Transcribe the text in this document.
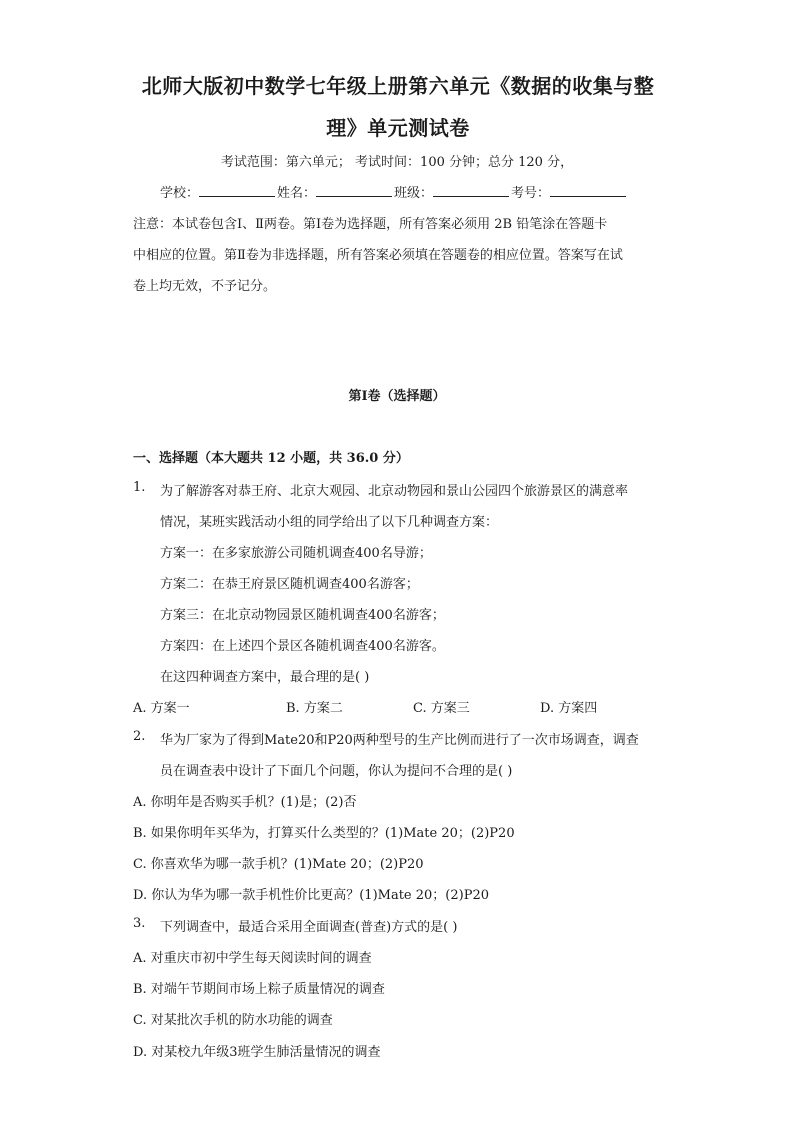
北师大版初中数学七年级上册第六单元《数据的收集与整
理》单元测试卷
考试范围：第六单元； 考试时间：100 分钟；总分 120 分，
学校：	姓名：	班级：	考号：
注意：本试卷包含Ⅰ、Ⅱ两卷。第Ⅰ卷为选择题，所有答案必须用 2B 铅笔涂在答题卡
中相应的位置。第Ⅱ卷为非选择题，所有答案必须填在答题卷的相应位置。答案写在试
卷上均无效，不予记分。
第Ⅰ卷（选择题）
一、选择题（本大题共 12 小题，共 36.0 分）
1. 为了解游客对恭王府、北京大观园、北京动物园和景山公园四个旅游景区的满意率
情况，某班实践活动小组的同学给出了以下几种调查方案：
方案一：在多家旅游公司随机调查400名导游；
方案二：在恭王府景区随机调查400名游客；
方案三：在北京动物园景区随机调查400名游客；
方案四：在上述四个景区各随机调查400名游客。
在这四种调查方案中，最合理的是( )
A. 方案一	B. 方案二	C. 方案三	D. 方案四
2. 华为厂家为了得到Mate20和P20两种型号的生产比例而进行了一次市场调查，调查
员在调查表中设计了下面几个问题，你认为提问不合理的是( )
A. 你明年是否购买手机？(1)是；(2)否
B. 如果你明年买华为，打算买什么类型的？(1)Mate 20；(2)P20
C. 你喜欢华为哪一款手机？(1)Mate 20；(2)P20
D. 你认为华为哪一款手机性价比更高？(1)Mate 20；(2)P20
3. 下列调查中，最适合采用全面调查(普查)方式的是( )
A. 对重庆市初中学生每天阅读时间的调查
B. 对端午节期间市场上粽子质量情况的调查
C. 对某批次手机的防水功能的调查
D. 对某校九年级3班学生肺活量情况的调查
